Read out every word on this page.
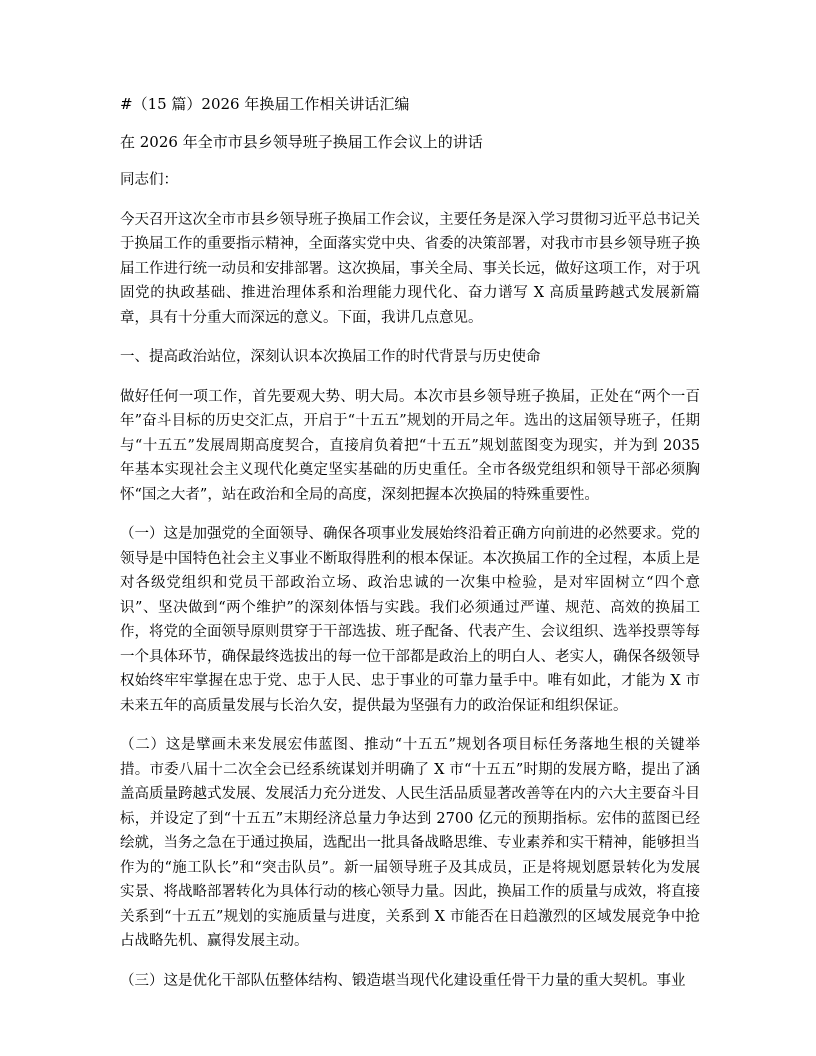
#（15 篇）2026 年换届工作相关讲话汇编

在 2026 年全市市县乡领导班子换届工作会议上的讲话

同志们：

今天召开这次全市市县乡领导班子换届工作会议，主要任务是深入学习贯彻习近平总书记关于换届工作的重要指示精神，全面落实党中央、省委的决策部署，对我市市县乡领导班子换届工作进行统一动员和安排部署。这次换届，事关全局、事关长远，做好这项工作，对于巩固党的执政基础、推进治理体系和治理能力现代化、奋力谱写 X 高质量跨越式发展新篇章，具有十分重大而深远的意义。下面，我讲几点意见。

一、提高政治站位，深刻认识本次换届工作的时代背景与历史使命

做好任何一项工作，首先要观大势、明大局。本次市县乡领导班子换届，正处在“两个一百年”奋斗目标的历史交汇点，开启于“十五五”规划的开局之年。选出的这届领导班子，任期与“十五五”发展周期高度契合，直接肩负着把“十五五”规划蓝图变为现实，并为到 2035 年基本实现社会主义现代化奠定坚实基础的历史重任。全市各级党组织和领导干部必须胸怀“国之大者”，站在政治和全局的高度，深刻把握本次换届的特殊重要性。

（一）这是加强党的全面领导、确保各项事业发展始终沿着正确方向前进的必然要求。党的领导是中国特色社会主义事业不断取得胜利的根本保证。本次换届工作的全过程，本质上是对各级党组织和党员干部政治立场、政治忠诚的一次集中检验，是对牢固树立“四个意识”、坚决做到“两个维护”的深刻体悟与实践。我们必须通过严谨、规范、高效的换届工作，将党的全面领导原则贯穿于干部选拔、班子配备、代表产生、会议组织、选举投票等每一个具体环节，确保最终选拔出的每一位干部都是政治上的明白人、老实人，确保各级领导权始终牢牢掌握在忠于党、忠于人民、忠于事业的可靠力量手中。唯有如此，才能为 X 市未来五年的高质量发展与长治久安，提供最为坚强有力的政治保证和组织保证。

（二）这是擘画未来发展宏伟蓝图、推动“十五五”规划各项目标任务落地生根的关键举措。市委八届十二次全会已经系统谋划并明确了 X 市“十五五”时期的发展方略，提出了涵盖高质量跨越式发展、发展活力充分迸发、人民生活品质显著改善等在内的六大主要奋斗目标，并设定了到“十五五”末期经济总量力争达到 2700 亿元的预期指标。宏伟的蓝图已经绘就，当务之急在于通过换届，选配出一批具备战略思维、专业素养和实干精神，能够担当作为的“施工队长”和“突击队员”。新一届领导班子及其成员，正是将规划愿景转化为发展实景、将战略部署转化为具体行动的核心领导力量。因此，换届工作的质量与成效，将直接关系到“十五五”规划的实施质量与进度，关系到 X 市能否在日趋激烈的区域发展竞争中抢占战略先机、赢得发展主动。

（三）这是优化干部队伍整体结构、锻造堪当现代化建设重任骨干力量的重大契机。事业
